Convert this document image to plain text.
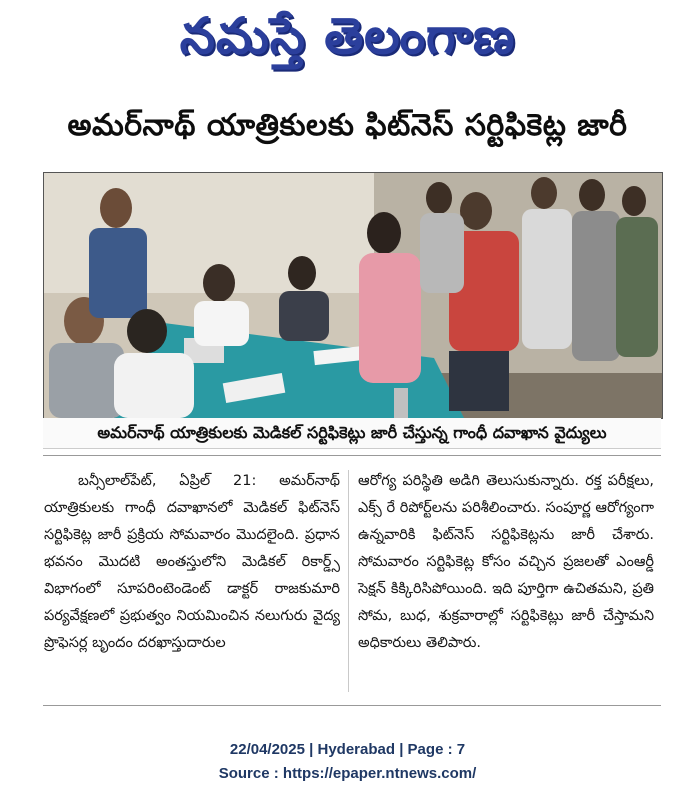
నమస్తే తెలంగాణ
అమర్‌నాథ్ యాత్రికులకు ఫిట్‌నెస్ సర్టిఫికెట్ల జారీ
అమర్‌నాథ్ యాత్రికులకు మెడికల్ సర్టిఫికెట్లు జారీ చేస్తున్న గాంధీ దవాఖాన వైద్యులు

బన్సీలాల్‌పేట్, ఏప్రిల్ 21: అమర్‌నాథ్ యాత్రికులకు గాంధీ దవాఖానలో మెడికల్ ఫిట్‌నెస్ సర్టిఫికెట్ల జారీ ప్రక్రియ సోమవారం మొదలైంది. ప్రధాన భవనం మొదటి అంతస్తులోని మెడికల్ రికార్డ్స్ విభాగంలో సూపరింటెండెంట్ డాక్టర్ రాజకుమారి పర్యవేక్షణలో ప్రభుత్వం నియమించిన నలుగురు వైద్య ప్రొఫెసర్ల బృందం దరఖాస్తుదారుల

ఆరోగ్య పరిస్థితి అడిగి తెలుసుకున్నారు. రక్త పరీక్షలు, ఎక్స్ రే రిపోర్ట్‌లను పరిశీలించారు. సంపూర్ణ ఆరోగ్యంగా ఉన్నవారికి ఫిట్‌నెస్ సర్టిఫికెట్లను జారీ చేశారు. సోమవారం సర్టిఫికెట్ల కోసం వచ్చిన ప్రజలతో ఎంఆర్డీ సెక్షన్ కిక్కిరిసిపోయింది. ఇది పూర్తిగా ఉచితమని, ప్రతి సోమ, బుధ, శుక్రవారాల్లో సర్టిఫికెట్లు జారీ చేస్తామని అధికారులు తెలిపారు.

22/04/2025 | Hyderabad | Page : 7
Source : https://epaper.ntnews.com/
